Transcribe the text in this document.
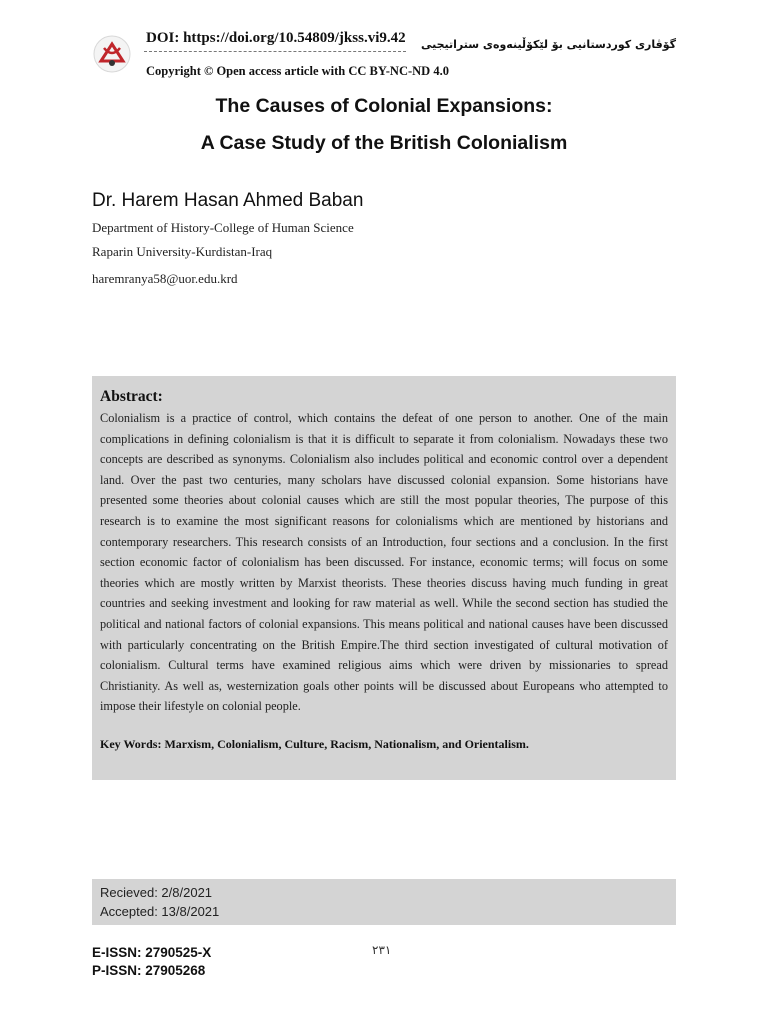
DOI: https://doi.org/10.54809/jkss.vi9.42 گۆڤاری کوردستانیی بۆ لێکۆڵینەوەی ستراتیجیی
Copyright © Open access article with CC BY-NC-ND 4.0
The Causes of Colonial Expansions:
A Case Study of the British Colonialism
Dr. Harem Hasan Ahmed Baban
Department of History-College of Human Science
Raparin University-Kurdistan-Iraq
haremranya58@uor.edu.krd
Abstract:
Colonialism is a practice of control, which contains the defeat of one person to another. One of the main complications in defining colonialism is that it is difficult to separate it from colonialism. Nowadays these two concepts are described as synonyms. Colonialism also includes political and economic control over a dependent land. Over the past two centuries, many scholars have discussed colonial expansion. Some historians have presented some theories about colonial causes which are still the most popular theories, The purpose of this research is to examine the most significant reasons for colonialisms which are mentioned by historians and contemporary researchers. This research consists of an Introduction, four sections and a conclusion. In the first section economic factor of colonialism has been discussed. For instance, economic terms; will focus on some theories which are mostly written by Marxist theorists. These theories discuss having much funding in great countries and seeking investment and looking for raw material as well. While the second section has studied the political and national factors of colonial expansions. This means political and national causes have been discussed with particularly concentrating on the British Empire.The third section investigated of cultural motivation of colonialism. Cultural terms have examined religious aims which were driven by missionaries to spread Christianity. As well as, westernization goals other points will be discussed about Europeans who attempted to impose their lifestyle on colonial people.
Key Words: Marxism, Colonialism, Culture, Racism, Nationalism, and Orientalism.
Recieved: 2/8/2021
Accepted: 13/8/2021
E-ISSN: 2790525-X
P-ISSN: 27905268
٢٣١
